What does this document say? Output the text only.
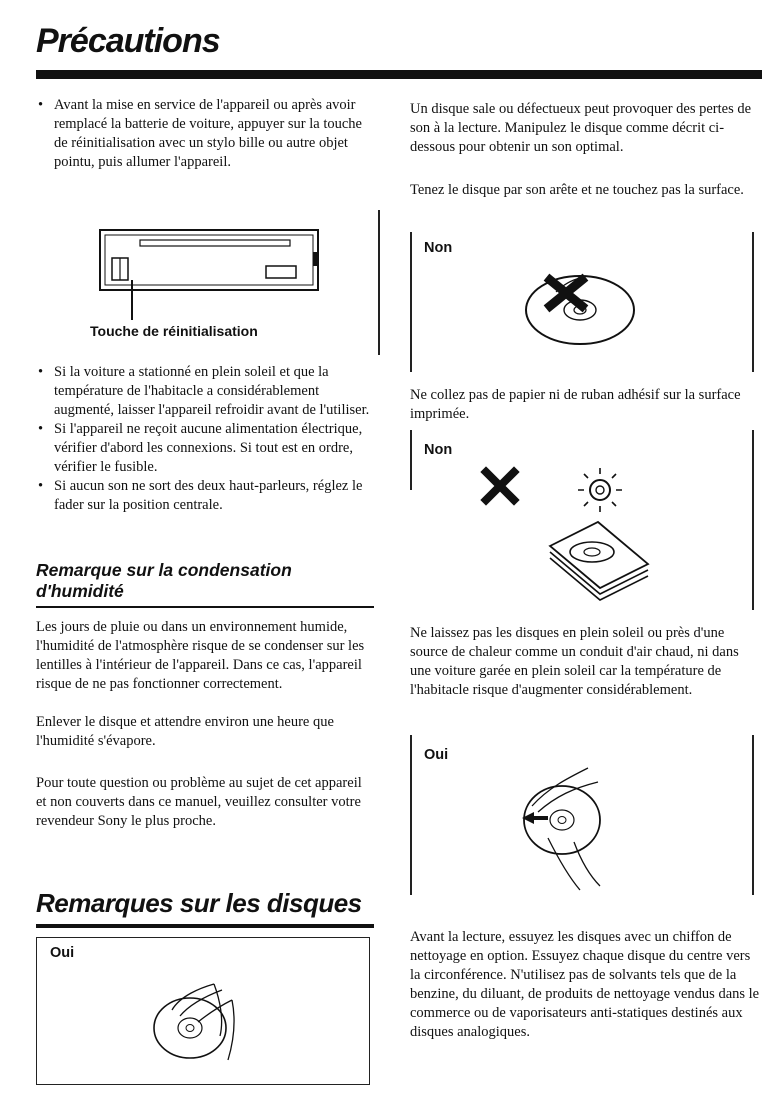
Précautions
• Avant la mise en service de l'appareil ou après avoir remplacé la batterie de voiture, appuyer sur la touche de réinitialisation avec un stylo bille ou autre objet pointu, puis allumer l'appareil.
Touche de réinitialisation
• Si la voiture a stationné en plein soleil et que la température de l'habitacle a considérablement augmenté, laisser l'appareil refroidir avant de l'utiliser.
• Si l'appareil ne reçoit aucune alimentation électrique, vérifier d'abord les connexions. Si tout est en ordre, vérifier le fusible.
• Si aucun son ne sort des deux haut-parleurs, réglez le fader sur la position centrale.
Remarque sur la condensation d'humidité

Les jours de pluie ou dans un environnement humide, l'humidité de l'atmosphère risque de se condenser sur les lentilles à l'intérieur de l'appareil. Dans ce cas, l'appareil risque de ne pas fonctionner correctement.

Enlever le disque et attendre environ une heure que l'humidité s'évapore.

Pour toute question ou problème au sujet de cet appareil et non couverts dans ce manuel, veuillez consulter votre revendeur Sony le plus proche.

Remarques sur les disques
Oui

Un disque sale ou défectueux peut provoquer des pertes de son à la lecture. Manipulez le disque comme décrit ci-dessous pour obtenir un son optimal.

Tenez le disque par son arête et ne touchez pas la surface.

Non

Ne collez pas de papier ni de ruban adhésif sur la surface imprimée.

Non

Ne laissez pas les disques en plein soleil ou près d'une source de chaleur comme un conduit d'air chaud, ni dans une voiture garée en plein soleil car la température de l'habitacle risque d'augmenter considérablement.

Oui

Avant la lecture, essuyez les disques avec un chiffon de nettoyage en option. Essuyez chaque disque du centre vers la circonférence. N'utilisez pas de solvants tels que de la benzine, du diluant, de produits de nettoyage vendus dans le commerce ou de vaporisateurs anti-statiques destinés aux disques analogiques.
